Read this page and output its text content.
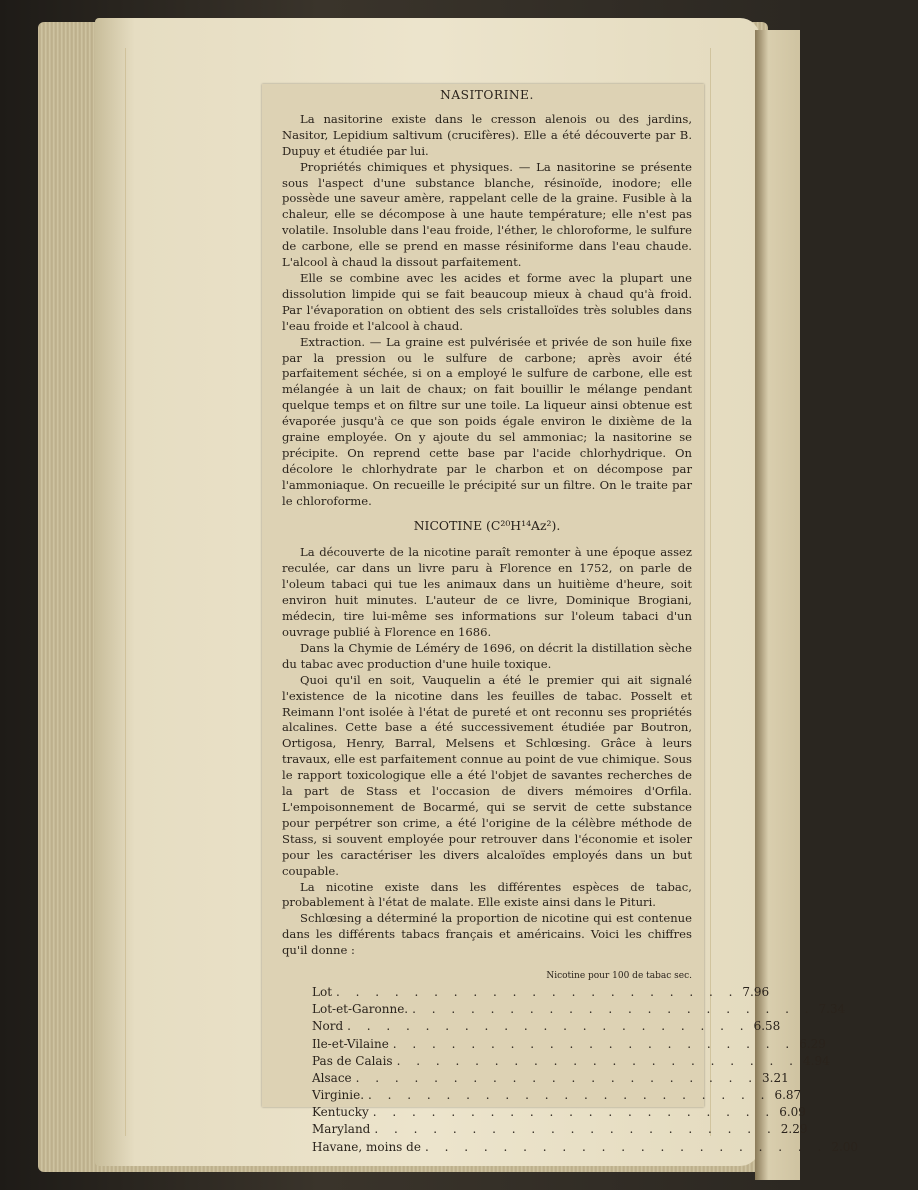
NASITORINE.

La nasitorine existe dans le cresson alenois ou des jardins, Nasitor, Lepidium saltivum (crucifères). Elle a été découverte par B. Dupuy et étudiée par lui.

Propriétés chimiques et physiques. — La nasitorine se présente sous l'aspect d'une substance blanche, résinoïde, inodore; elle possède une saveur amère, rappelant celle de la graine. Fusible à la chaleur, elle se décompose à une haute température; elle n'est pas volatile. Insoluble dans l'eau froide, l'éther, le chloroforme, le sulfure de carbone, elle se prend en masse résiniforme dans l'eau chaude. L'alcool à chaud la dissout parfaitement.

Elle se combine avec les acides et forme avec la plupart une dissolution limpide qui se fait beaucoup mieux à chaud qu'à froid. Par l'évaporation on obtient des sels cristalloïdes très solubles dans l'eau froide et l'alcool à chaud.

Extraction. — La graine est pulvérisée et privée de son huile fixe par la pression ou le sulfure de carbone; après avoir été parfaitement séchée, si on a employé le sulfure de carbone, elle est mélangée à un lait de chaux; on fait bouillir le mélange pendant quelque temps et on filtre sur une toile. La liqueur ainsi obtenue est évaporée jusqu'à ce que son poids égale environ le dixième de la graine employée. On y ajoute du sel ammoniac; la nasitorine se précipite. On reprend cette base par l'acide chlorhydrique. On décolore le chlorhydrate par le charbon et on décompose par l'ammoniaque. On recueille le précipité sur un filtre. On le traite par le chloroforme.

NICOTINE (C²⁰H¹⁴Az²).

La découverte de la nicotine paraît remonter à une époque assez reculée, car dans un livre paru à Florence en 1752, on parle de l'oleum tabaci qui tue les animaux dans un huitième d'heure, soit environ huit minutes. L'auteur de ce livre, Dominique Brogiani, médecin, tire lui-même ses informations sur l'oleum tabaci d'un ouvrage publié à Florence en 1686.

Dans la Chymie de Léméry de 1696, on décrit la distillation sèche du tabac avec production d'une huile toxique.

Quoi qu'il en soit, Vauquelin a été le premier qui ait signalé l'existence de la nicotine dans les feuilles de tabac. Posselt et Reimann l'ont isolée à l'état de pureté et ont reconnu ses propriétés alcalines. Cette base a été successivement étudiée par Boutron, Ortigosa, Henry, Barral, Melsens et Schlœsing. Grâce à leurs travaux, elle est parfaitement connue au point de vue chimique. Sous le rapport toxicologique elle a été l'objet de savantes recherches de la part de Stass et l'occasion de divers mémoires d'Orfila. L'empoisonnement de Bocarmé, qui se servit de cette substance pour perpétrer son crime, a été l'origine de la célèbre méthode de Stass, si souvent employée pour retrouver dans l'économie et isoler pour les caractériser les divers alcaloïdes employés dans un but coupable.

La nicotine existe dans les différentes espèces de tabac, probablement à l'état de malate. Elle existe ainsi dans le Pituri.

Schlœsing a déterminé la proportion de nicotine qui est contenue dans les différents tabacs français et américains. Voici les chiffres qu'il donne :

Nicotine pour 100 de tabac sec.
Lot . . . . . . . . . . . . . . . . . . . . . 7.96
Lot-et-Garonne. . . . . . . . . . . . . . . . . . . . . . 7.34
Nord . . . . . . . . . . . . . . . . . . . . . 6.58
Ile-et-Vilaine . . . . . . . . . . . . . . . . . . . . . 6.29
Pas de Calais . . . . . . . . . . . . . . . . . . . . . 4.94
Alsace . . . . . . . . . . . . . . . . . . . . . 3.21
Virginie. . . . . . . . . . . . . . . . . . . . . . 6.87
Kentucky . . . . . . . . . . . . . . . . . . . . . 6.09
Maryland . . . . . . . . . . . . . . . . . . . . . 2.29
Havane, moins de . . . . . . . . . . . . . . . . . . . . . 2.00
